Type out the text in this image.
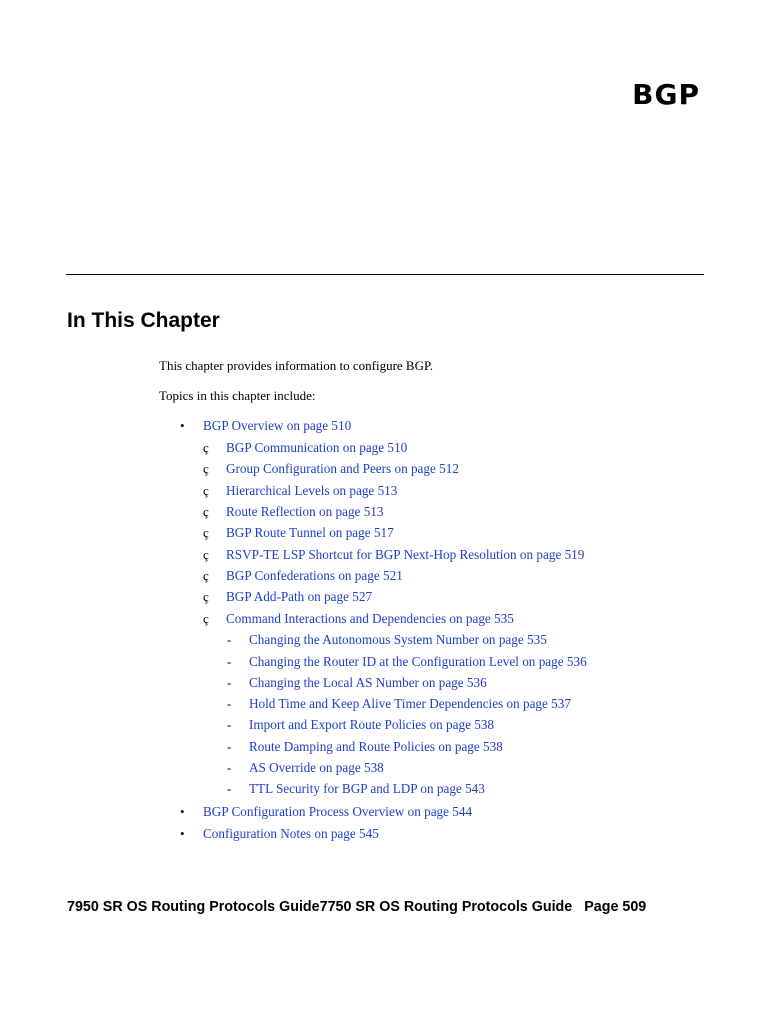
BGP
In This Chapter

This chapter provides information to configure BGP.

Topics in this chapter include:

• BGP Overview on page 510
ç BGP Communication on page 510
ç Group Configuration and Peers on page 512
ç Hierarchical Levels on page 513
ç Route Reflection on page 513
ç BGP Route Tunnel on page 517
ç RSVP-TE LSP Shortcut for BGP Next-Hop Resolution on page 519
ç BGP Confederations on page 521
ç BGP Add-Path on page 527
ç Command Interactions and Dependencies on page 535
- Changing the Autonomous System Number on page 535
- Changing the Router ID at the Configuration Level on page 536
- Changing the Local AS Number on page 536
- Hold Time and Keep Alive Timer Dependencies on page 537
- Import and Export Route Policies on page 538
- Route Damping and Route Policies on page 538
- AS Override on page 538
- TTL Security for BGP and LDP on page 543
• BGP Configuration Process Overview on page 544
• Configuration Notes on page 545
7950 SR OS Routing Protocols Guide7750 SR OS Routing Protocols Guide Page 509
